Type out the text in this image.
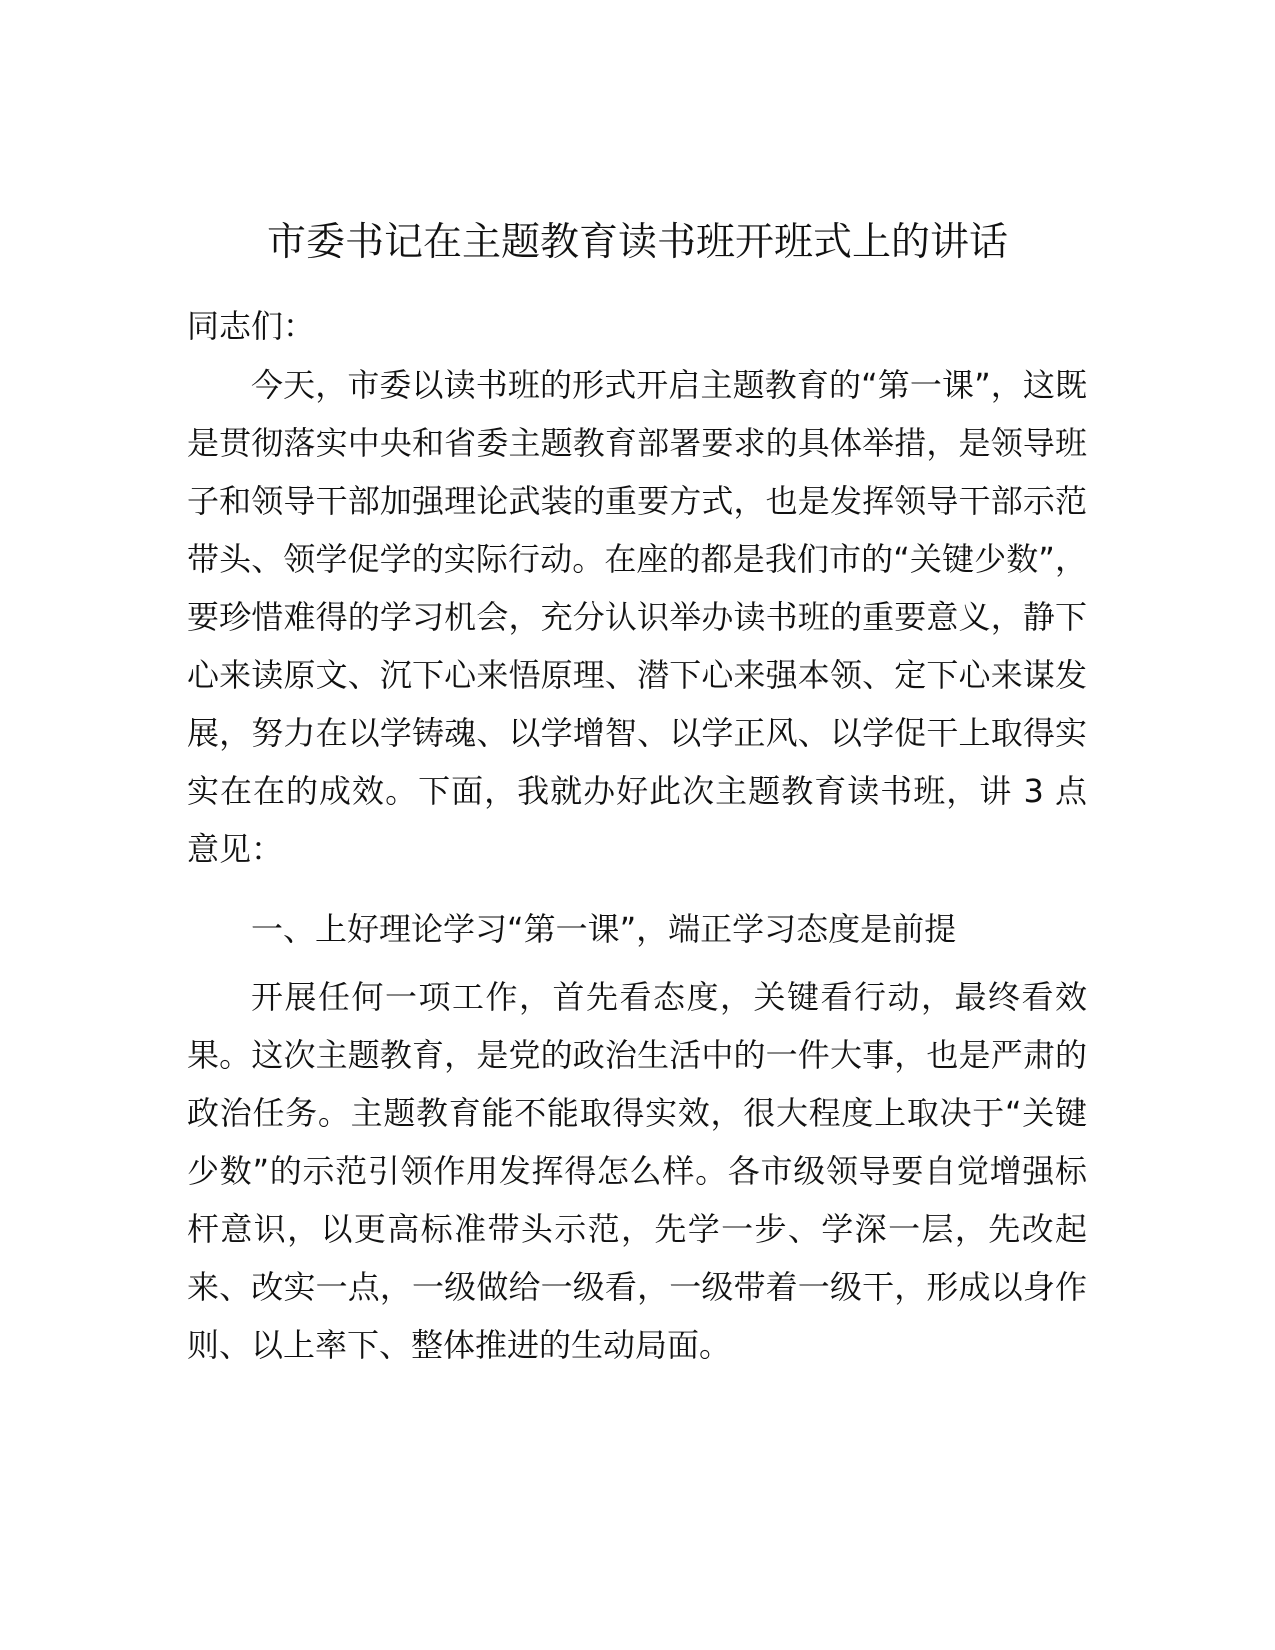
市委书记在主题教育读书班开班式上的讲话

同志们：

今天，市委以读书班的形式开启主题教育的“第一课”，这既是贯彻落实中央和省委主题教育部署要求的具体举措，是领导班子和领导干部加强理论武装的重要方式，也是发挥领导干部示范带头、领学促学的实际行动。在座的都是我们市的“关键少数”，要珍惜难得的学习机会，充分认识举办读书班的重要意义，静下心来读原文、沉下心来悟原理、潜下心来强本领、定下心来谋发展，努力在以学铸魂、以学增智、以学正风、以学促干上取得实实在在的成效。下面，我就办好此次主题教育读书班，讲 3 点意见：

一、上好理论学习“第一课”，端正学习态度是前提

开展任何一项工作，首先看态度，关键看行动，最终看效果。这次主题教育，是党的政治生活中的一件大事，也是严肃的政治任务。主题教育能不能取得实效，很大程度上取决于“关键少数”的示范引领作用发挥得怎么样。各市级领导要自觉增强标杆意识，以更高标准带头示范，先学一步、学深一层，先改起来、改实一点，一级做给一级看，一级带着一级干，形成以身作则、以上率下、整体推进的生动局面。
